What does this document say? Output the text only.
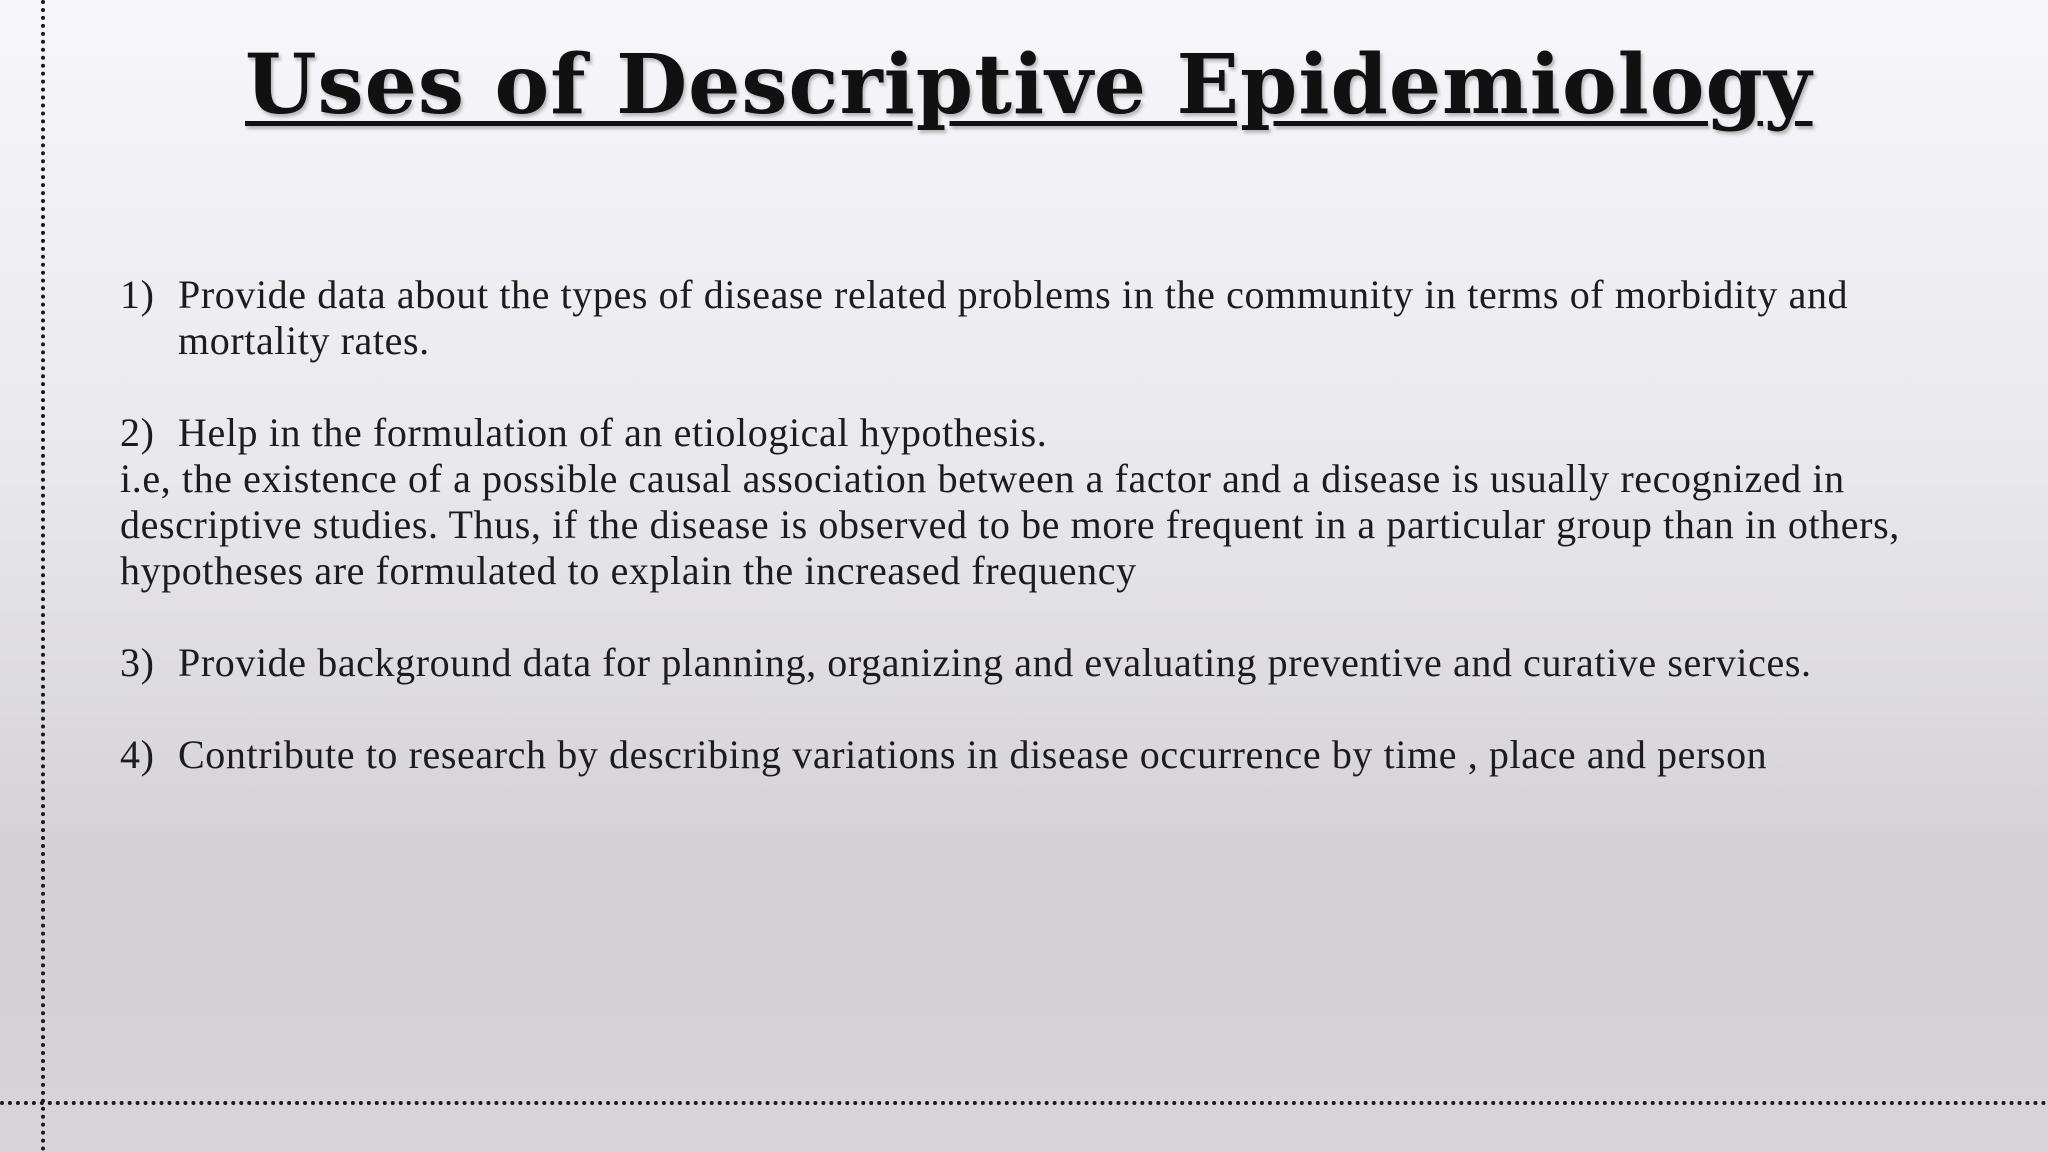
Uses of Descriptive Epidemiology
1) Provide data about the types of disease related problems in the community in terms of morbidity and mortality rates.
2) Help in the formulation of an etiological hypothesis.

i.e, the existence of a possible causal association between a factor and a disease is usually recognized in descriptive studies. Thus, if the disease is observed to be more frequent in a particular group than in others, hypotheses are formulated to explain the increased frequency

3) Provide background data for planning, organizing and evaluating preventive and curative services.
4) Contribute to research by describing variations in disease occurrence by time , place and person
